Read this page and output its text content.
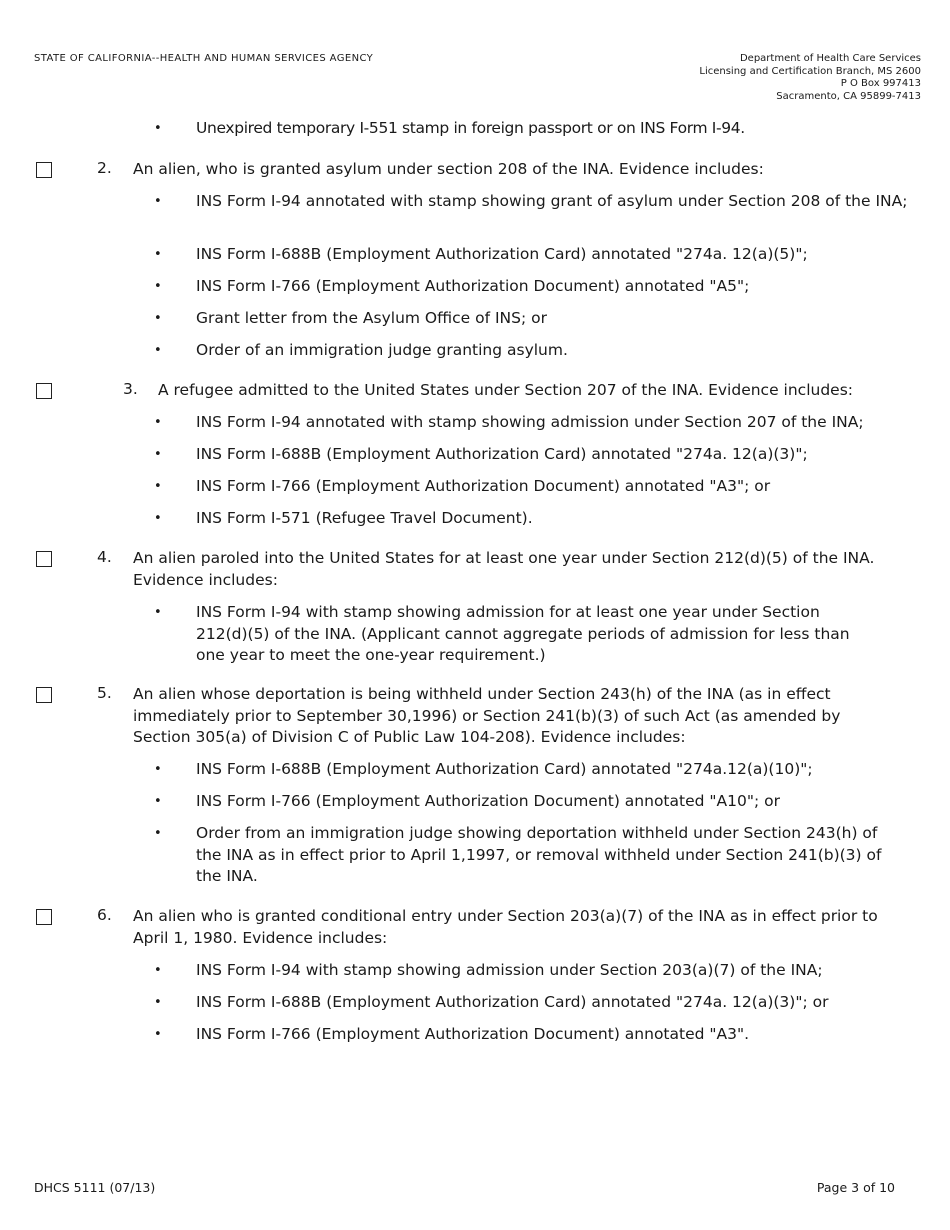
STATE OF CALIFORNIA--HEALTH AND HUMAN SERVICES AGENCY	Department of Health Care Services
Licensing and Certification Branch, MS 2600
P O Box 997413
Sacramento, CA 95899-7413
• Unexpired temporary I-551 stamp in foreign passport or on INS Form I-94.
2. An alien, who is granted asylum under section 208 of the INA. Evidence includes:
• INS Form I-94 annotated with stamp showing grant of asylum under Section 208 of the INA;
• INS Form I-688B (Employment Authorization Card) annotated "274a. 12(a)(5)";
• INS Form I-766 (Employment Authorization Document) annotated "A5";
• Grant letter from the Asylum Office of INS; or
• Order of an immigration judge granting asylum.
3. A refugee admitted to the United States under Section 207 of the INA. Evidence includes:
• INS Form I-94 annotated with stamp showing admission under Section 207 of the INA;
• INS Form I-688B (Employment Authorization Card) annotated "274a. 12(a)(3)";
• INS Form I-766 (Employment Authorization Document) annotated "A3"; or
• INS Form I-571 (Refugee Travel Document).
4. An alien paroled into the United States for at least one year under Section 212(d)(5) of the INA. Evidence includes:
• INS Form I-94 with stamp showing admission for at least one year under Section 212(d)(5) of the INA. (Applicant cannot aggregate periods of admission for less than one year to meet the one-year requirement.)
5. An alien whose deportation is being withheld under Section 243(h) of the INA (as in effect immediately prior to September 30,1996) or Section 241(b)(3) of such Act (as amended by Section 305(a) of Division C of Public Law 104-208). Evidence includes:
• INS Form I-688B (Employment Authorization Card) annotated "274a.12(a)(10)";
• INS Form I-766 (Employment Authorization Document) annotated "A10"; or
• Order from an immigration judge showing deportation withheld under Section 243(h) of the INA as in effect prior to April 1,1997, or removal withheld under Section 241(b)(3) of the INA.
6. An alien who is granted conditional entry under Section 203(a)(7) of the INA as in effect prior to April 1, 1980. Evidence includes:
• INS Form I-94 with stamp showing admission under Section 203(a)(7) of the INA;
• INS Form I-688B (Employment Authorization Card) annotated "274a. 12(a)(3)"; or
• INS Form I-766 (Employment Authorization Document) annotated "A3".
DHCS 5111 (07/13)	Page 3 of 10
